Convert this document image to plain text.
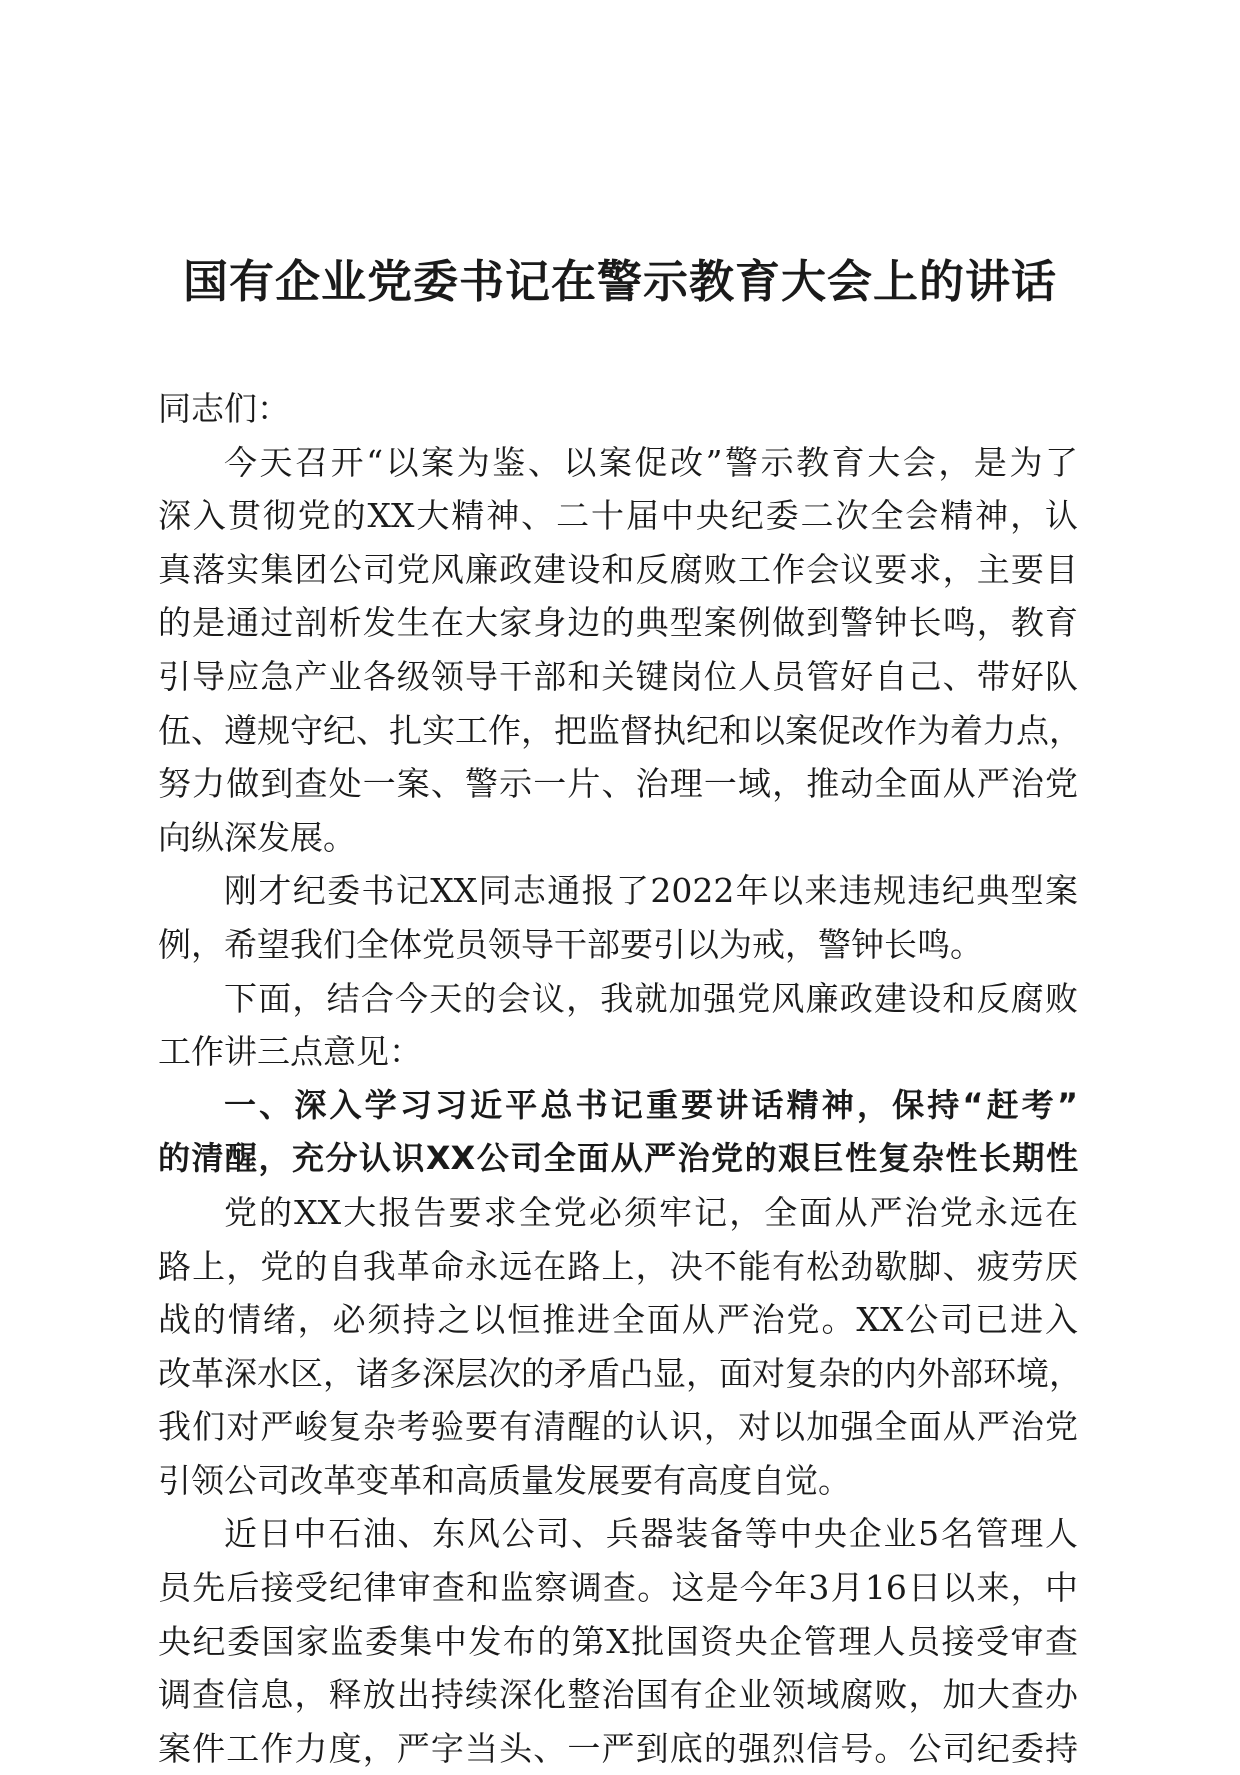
国有企业党委书记在警示教育大会上的讲话
同志们：
今天召开“以案为鉴、以案促改”警示教育大会，是为了
深入贯彻党的XX大精神、二十届中央纪委二次全会精神，认
真落实集团公司党风廉政建设和反腐败工作会议要求，主要目
的是通过剖析发生在大家身边的典型案例做到警钟长鸣，教育
引导应急产业各级领导干部和关键岗位人员管好自己、带好队
伍、遵规守纪、扎实工作，把监督执纪和以案促改作为着力点，
努力做到查处一案、警示一片、治理一域，推动全面从严治党
向纵深发展。
刚才纪委书记XX同志通报了2022年以来违规违纪典型案
例，希望我们全体党员领导干部要引以为戒，警钟长鸣。
下面，结合今天的会议，我就加强党风廉政建设和反腐败
工作讲三点意见：
一、深入学习习近平总书记重要讲话精神，保持“赶考”
的清醒，充分认识XX公司全面从严治党的艰巨性复杂性长期性
党的XX大报告要求全党必须牢记，全面从严治党永远在
路上，党的自我革命永远在路上，决不能有松劲歇脚、疲劳厌
战的情绪，必须持之以恒推进全面从严治党。XX公司已进入
改革深水区，诸多深层次的矛盾凸显，面对复杂的内外部环境，
我们对严峻复杂考验要有清醒的认识，对以加强全面从严治党
引领公司改革变革和高质量发展要有高度自觉。
近日中石油、东风公司、兵器装备等中央企业5名管理人
员先后接受纪律审查和监察调查。这是今年3月16日以来，中
央纪委国家监委集中发布的第X批国资央企管理人员接受审查
调查信息，释放出持续深化整治国有企业领域腐败，加大查办
案件工作力度，严字当头、一严到底的强烈信号。公司纪委持
